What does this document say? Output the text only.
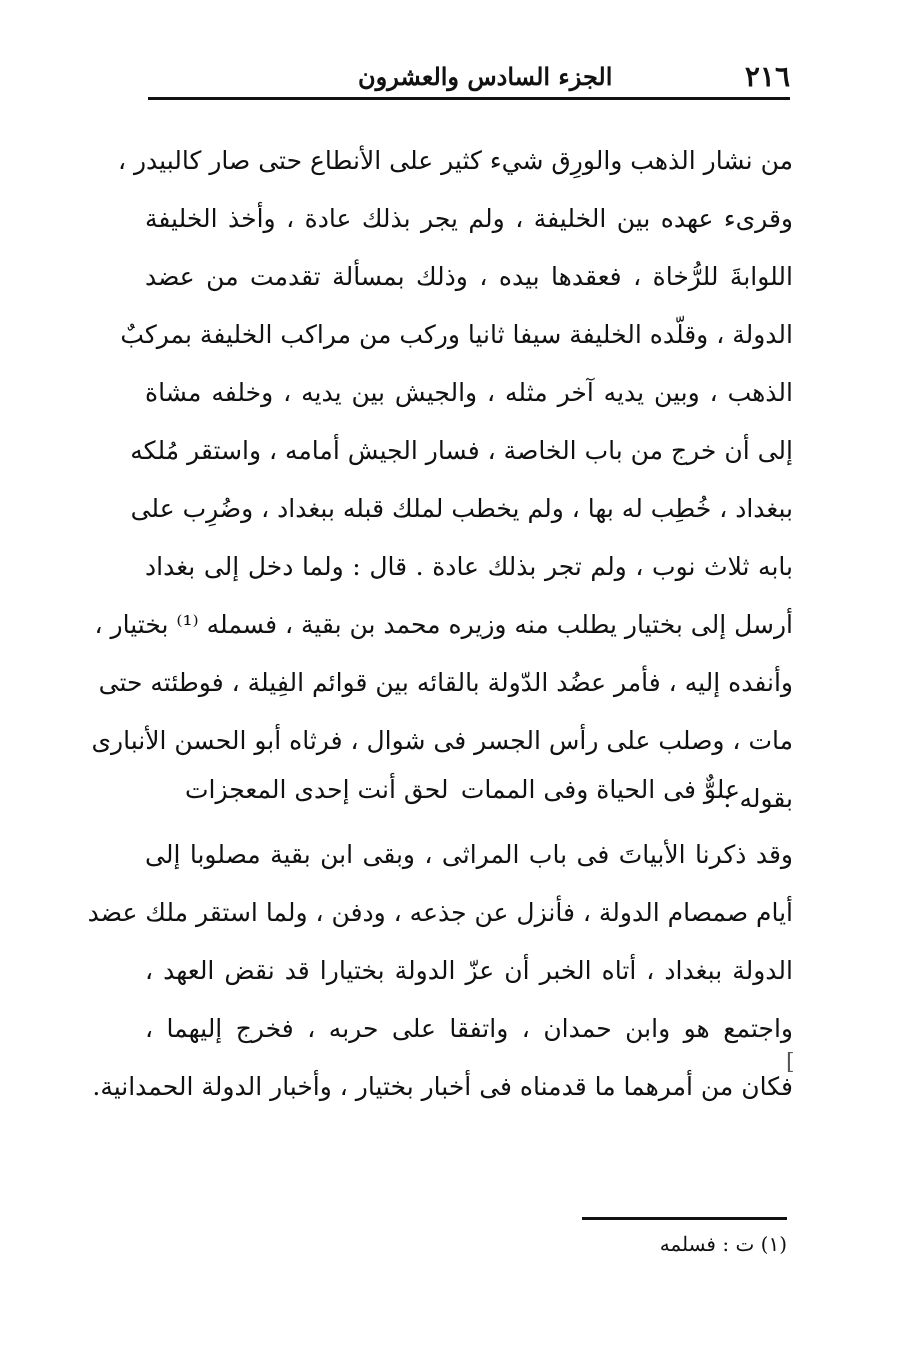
٢١٦
الجزء السادس والعشرون
من نشار الذهب والورِق شيء كثير على الأنطاع حتى صار كالبيدر ،
وقرىء عهده بين الخليفة ، ولم يجر بذلك عادة ، وأخذ الخليفة
اللوابةَ للرُّخاة ، فعقدها بيده ، وذلك بمسألة تقدمت من عضد
الدولة ، وقلّده الخليفة سيفا ثانيا وركب من مراكب الخليفة بمركبٌ
الذهب ، وبين يديه آخر مثله ، والجيش بين يديه ، وخلفه مشاة
إلى أن خرج من باب الخاصة ، فسار الجيش أمامه ، واستقر مُلكه
ببغداد ، خُطِب له بها ، ولم يخطب لملك قبله ببغداد ، وضُرِب على
بابه ثلاث نوب ، ولم تجر بذلك عادة . قال : ولما دخل إلى بغداد
أرسل إلى بختيار يطلب منه وزيره محمد بن بقية ، فسمله ⁽¹⁾ بختيار ،
وأنفده إليه ، فأمر عضُد الدّولة بالقائه بين قوائم الفِيلة ، فوطئته حتى
مات ، وصلب على رأس الجسر فى شوال ، فرثاه أبو الحسن الأنبارى
بقوله :
علوٌّ فى الحياة وفى الممات
لحق أنت إحدى المعجزات
وقد ذكرنا الأبياتَ فى باب المراثى ، وبقى ابن بقية مصلوبا إلى
أيام صمصام الدولة ، فأنزل عن جذعه ، ودفن ، ولما استقر ملك عضد
الدولة ببغداد ، أتاه الخبر أن عزّ الدولة بختيارا قد نقض العهد ،
واجتمع هو وابن حمدان ، واتفقا على حربه ، فخرج إليهما ،
فكان من أمرهما ما قدمناه فى أخبار بختيار ، وأخبار الدولة الحمدانية.
[
(١) ت : فسلمه
